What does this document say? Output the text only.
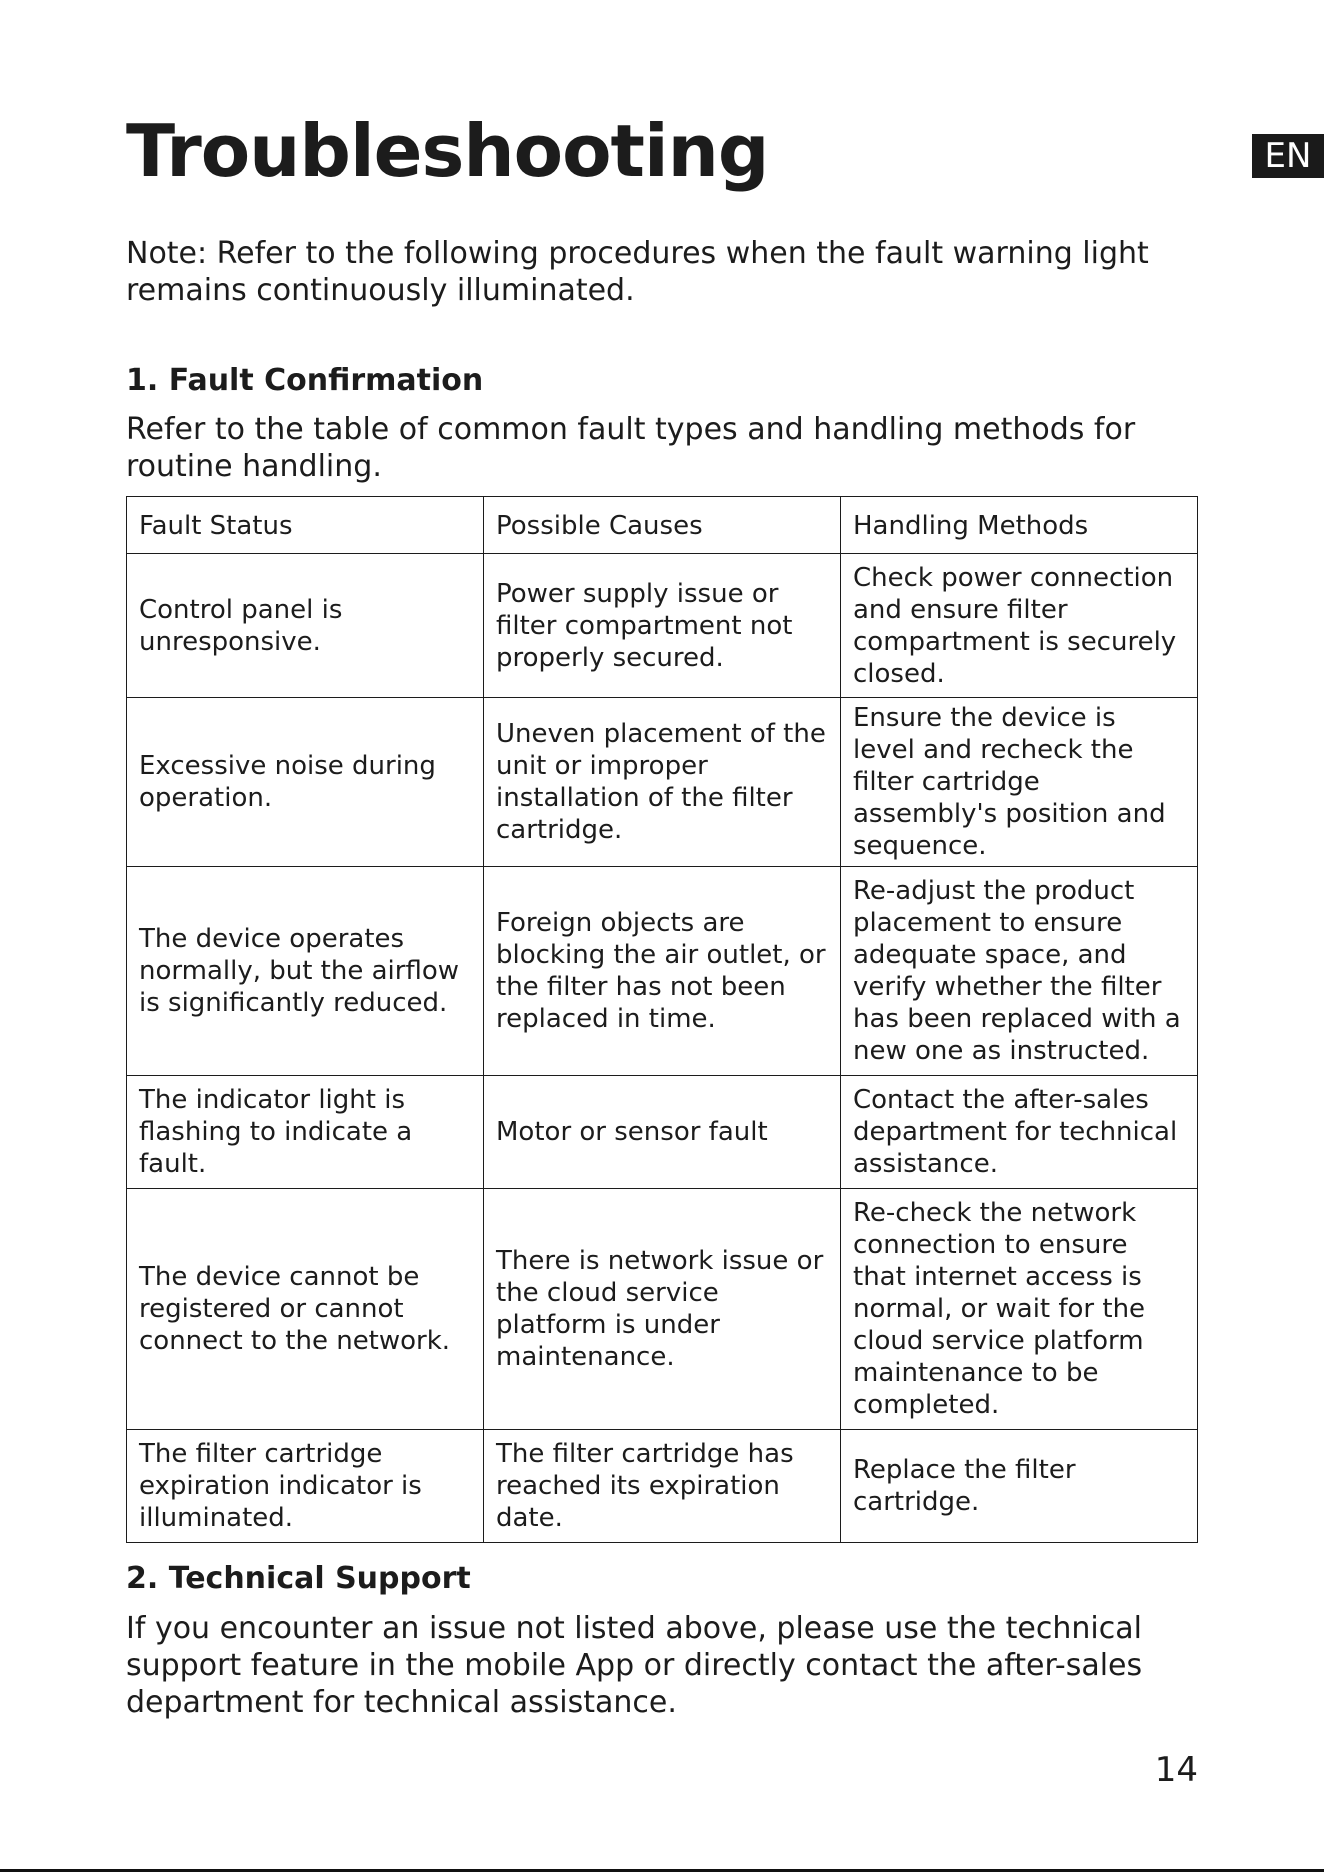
Troubleshooting	EN

Note: Refer to the following procedures when the fault warning light remains continuously illuminated.

1. Fault Confirmation

Refer to the table of common fault types and handling methods for routine handling.

Fault Status	Possible Causes	Handling Methods
Control panel is unresponsive.	Power supply issue or filter compartment not properly secured.	Check power connection and ensure filter compartment is securely closed.
Excessive noise during operation.	Uneven placement of the unit or improper installation of the filter cartridge.	Ensure the device is level and recheck the filter cartridge assembly's position and sequence.
The device operates normally, but the airflow is significantly reduced.	Foreign objects are blocking the air outlet, or the filter has not been replaced in time.	Re-adjust the product placement to ensure adequate space, and verify whether the filter has been replaced with a new one as instructed.
The indicator light is flashing to indicate a fault.	Motor or sensor fault	Contact the after-sales department for technical assistance.
The device cannot be registered or cannot connect to the network.	There is network issue or the cloud service platform is under maintenance.	Re-check the network connection to ensure that internet access is normal, or wait for the cloud service platform maintenance to be completed.
The filter cartridge expiration indicator is illuminated.	The filter cartridge has reached its expiration date.	Replace the filter cartridge.
2. Technical Support

If you encounter an issue not listed above, please use the technical support feature in the mobile App or directly contact the after-sales department for technical assistance.

14
